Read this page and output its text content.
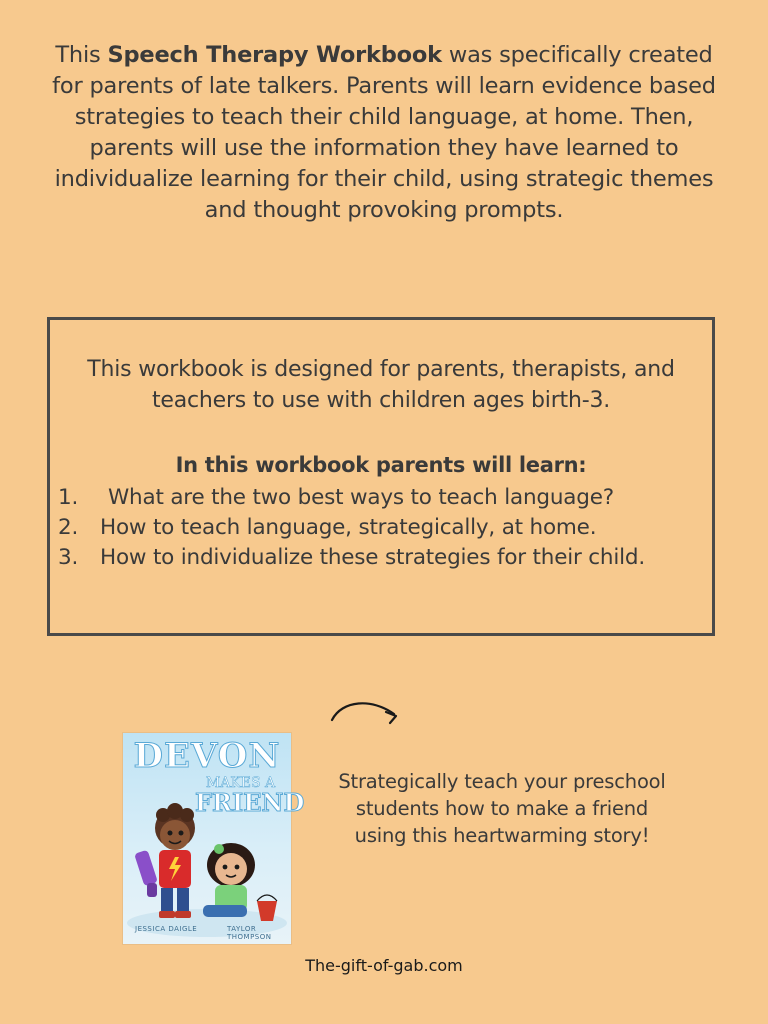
This Speech Therapy Workbook was specifically created for parents of late talkers. Parents will learn evidence based strategies to teach their child language, at home. Then, parents will use the information they have learned to individualize learning for their child, using strategic themes and thought provoking prompts.
This workbook is designed for parents, therapists, and teachers to use with children ages birth-3.
In this workbook parents will learn:
1. What are the two best ways to teach language?
2. How to teach language, strategically, at home.
3. How to individualize these strategies for their child.
DEVON
MAKES A
FRIEND
JESSICA DAIGLE	TAYLOR THOMPSON
Strategically teach your preschool students how to make a friend using this heartwarming story!
The-gift-of-gab.com
